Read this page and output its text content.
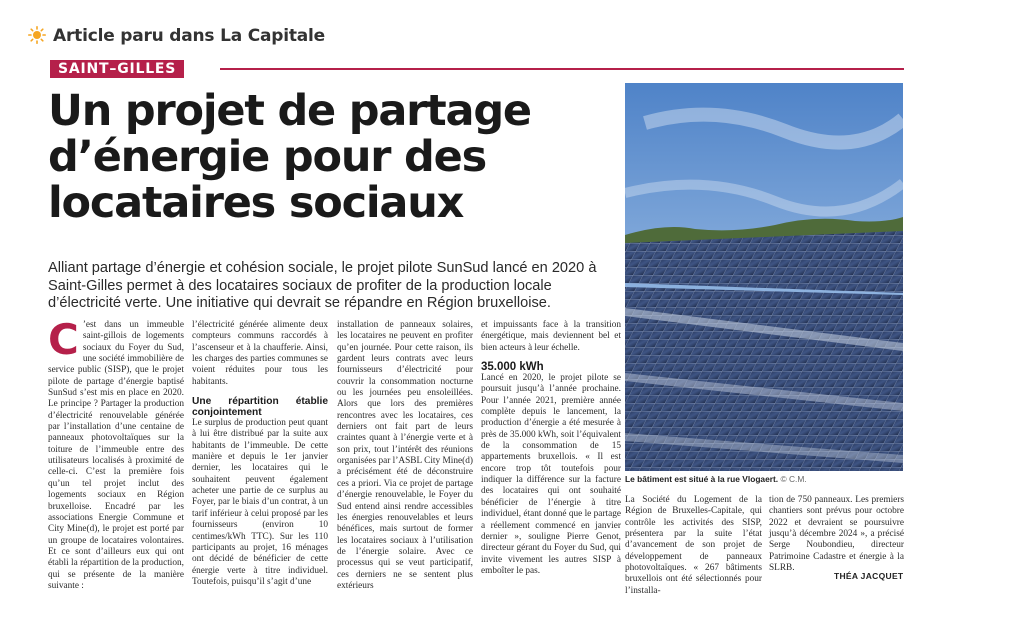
Article paru dans La Capitale
SAINT–GILLES
Un projet de partage
d’énergie pour des
locataires sociaux

Alliant partage d’énergie et cohésion sociale, le projet pilote SunSud lancé en 2020 à Saint-Gilles permet à des locataires sociaux de profiter de la production locale d’électricité verte. Une initiative qui devrait se répandre en Région bruxelloise.

C ’est dans un immeuble saint-gillois de logements sociaux du Foyer du Sud, une société immobilière de service public (SISP), que le projet pilote de partage d’énergie baptisé SunSud s’est mis en place en 2020. Le principe ? Partager la production d’électricité renouvelable générée par l’installation d’une centaine de panneaux photovoltaïques sur la toiture de l’immeuble entre des utilisateurs localisés à proximité de celle-ci. C’est la première fois qu’un tel projet inclut des logements sociaux en Région bruxelloise. Encadré par les associations Energie Commune et City Mine(d), le projet est porté par un groupe de locataires volontaires. Et ce sont d’ailleurs eux qui ont établi la répartition de la production, qui se présente de la manière suivante :

l’électricité générée alimente deux compteurs communs raccordés à l’ascenseur et à la chaufferie. Ainsi, les charges des parties communes se voient réduites pour tous les habitants.

Une répartition établie conjointement

Le surplus de production peut quant à lui être distribué par la suite aux habitants de l’immeuble. De cette manière et depuis le 1er janvier dernier, les locataires qui le souhaitent peuvent également acheter une partie de ce surplus au Foyer, par le biais d’un contrat, à un tarif inférieur à celui proposé par les fournisseurs (environ 10 centimes/kWh TTC). Sur les 110 participants au projet, 16 ménages ont décidé de bénéficier de cette énergie verte à titre individuel. Toutefois, puisqu’il s’agit d’une

installation de panneaux solaires, les locataires ne peuvent en profiter qu’en journée. Pour cette raison, ils gardent leurs contrats avec leurs fournisseurs d’électricité pour couvrir la consommation nocturne ou les journées peu ensoleillées. Alors que lors des premières rencontres avec les locataires, ces derniers ont fait part de leurs craintes quant à l’énergie verte et à son prix, tout l’intérêt des réunions organisées par l’ASBL City Mine(d) a précisément été de déconstruire ces a priori. Via ce projet de partage d’énergie renouvelable, le Foyer du Sud entend ainsi rendre accessibles les énergies renouvelables et leurs bénéfices, mais surtout de former les locataires sociaux à l’utilisation de l’énergie solaire. Avec ce processus qui se veut participatif, ces derniers ne se sentent plus extérieurs

et impuissants face à la transition énergétique, mais deviennent bel et bien acteurs à leur échelle.

35.000 kWh

Lancé en 2020, le projet pilote se poursuit jusqu’à l’année prochaine. Pour l’année 2021, première année complète depuis le lancement, la production d’énergie a été mesurée à près de 35.000 kWh, soit l’équivalent de la consommation de 15 appartements bruxellois. « Il est encore trop tôt toutefois pour indiquer la différence sur la facture des locataires qui ont souhaité bénéficier de l’énergie à titre individuel, étant donné que le partage a réellement commencé en janvier dernier », souligne Pierre Genot, directeur gérant du Foyer du Sud, qui invite vivement les autres SISP à emboîter le pas.

Le bâtiment est situé à la rue Vlogaert. © C.M.

La Société du Logement de la Région de Bruxelles-Capitale, qui contrôle les activités des SISP, présentera par la suite l’état d’avancement de son projet de développement de panneaux photovoltaïques. « 267 bâtiments bruxellois ont été sélectionnés pour l’installa-

tion de 750 panneaux. Les premiers chantiers sont prévus pour octobre 2022 et devraient se poursuivre jusqu’à décembre 2024 », a précisé Serge Noubondieu, directeur Patrimoine Cadastre et énergie à la SLRB.

THÉA JACQUET
